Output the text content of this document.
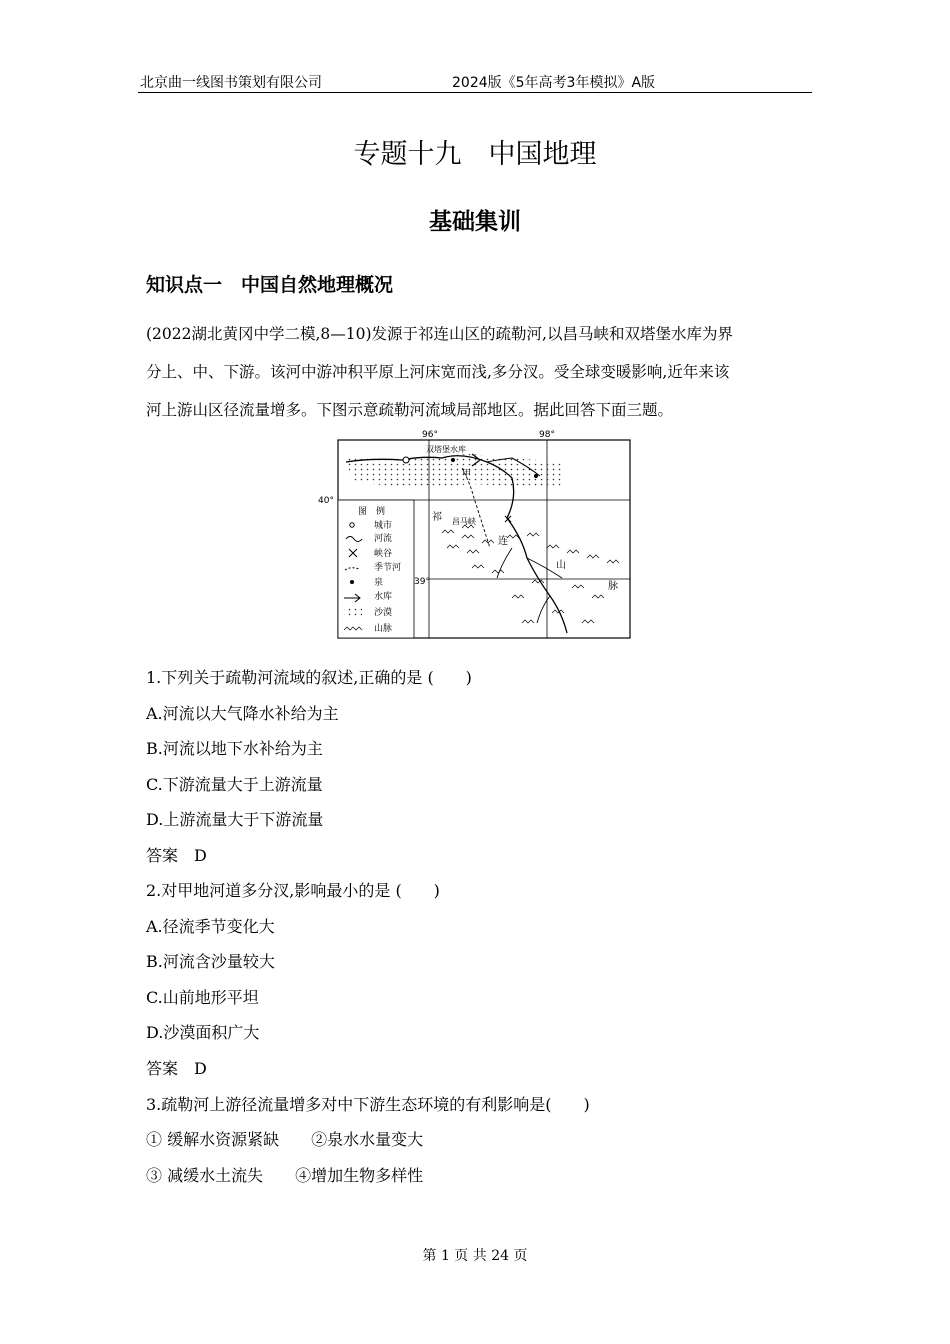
北京曲一线图书策划有限公司	2024版《5年高考3年模拟》A版
专题十九　中国地理
基础集训
知识点一　中国自然地理概况
(2022湖北黄冈中学二模,8—10)发源于祁连山区的疏勒河,以昌马峡和双塔堡水库为界
分上、中、下游。该河中游冲积平原上河床宽而浅,多分汊。受全球变暖影响,近年来该
河上游山区径流量增多。下图示意疏勒河流域局部地区。据此回答下面三题。
96°	98°
40°
39°
双塔堡水库
甲
昌马峡
祁
连
山
脉
图　例
城市
河流
峡谷
季节河
泉
水库
沙漠
山脉
1.下列关于疏勒河流域的叙述,正确的是 (　　)
A.河流以大气降水补给为主
B.河流以地下水补给为主
C.下游流量大于上游流量
D.上游流量大于下游流量
答案　D
2.对甲地河道多分汊,影响最小的是 (　　)
A.径流季节变化大
B.河流含沙量较大
C.山前地形平坦
D.沙漠面积广大
答案　D
3.疏勒河上游径流量增多对中下游生态环境的有利影响是(　　)
① 缓解水资源紧缺　　②泉水水量变大
③ 减缓水土流失　　④增加生物多样性
第 1 页 共 24 页
